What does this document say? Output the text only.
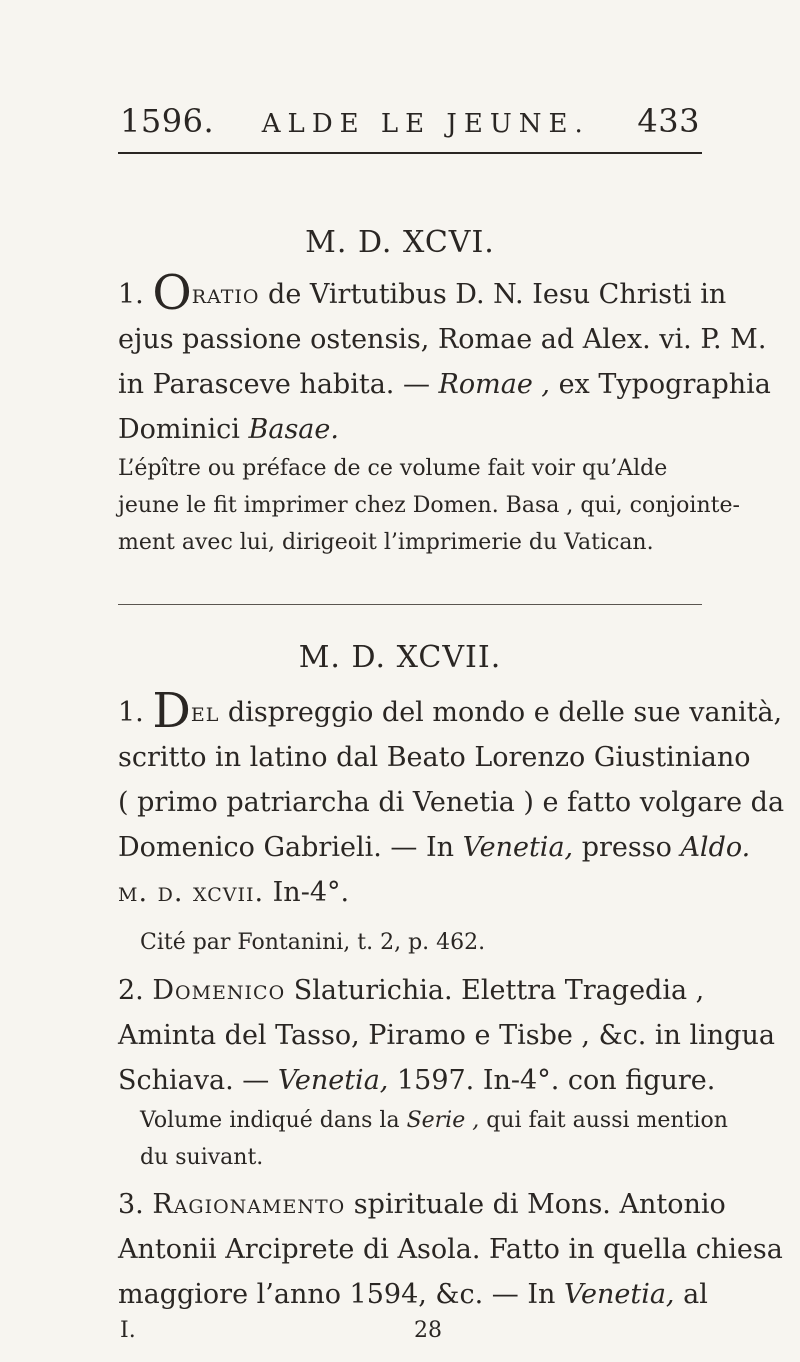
1596. ALDE LE JEUNE. 433
M. D. XCVI.
1. Oratio de Virtutibus D. N. Iesu Christi in
ejus passione ostensis, Romae ad Alex. vi. P. M.
in Parasceve habita. — Romae , ex Typographia
Dominici Basae.
L’épître ou préface de ce volume fait voir qu’Alde
jeune le fit imprimer chez Domen. Basa , qui, conjointe-
ment avec lui, dirigeoit l’imprimerie du Vatican.
M. D. XCVII.
1. Del dispreggio del mondo e delle sue vanità,
scritto in latino dal Beato Lorenzo Giustiniano
( primo patriarcha di Venetia ) e fatto volgare da
Domenico Gabrieli. — In Venetia, presso Aldo.
m. d. xcvii. In-4°.
Cité par Fontanini, t. 2, p. 462.
2. Domenico Slaturichia. Elettra Tragedia ,
Aminta del Tasso, Piramo e Tisbe , &c. in lingua
Schiava. — Venetia, 1597. In-4°. con figure.
Volume indiqué dans la Serie , qui fait aussi mention
du suivant.
3. Ragionamento spirituale di Mons. Antonio
Antonii Arciprete di Asola. Fatto in quella chiesa
maggiore l’anno 1594, &c. — In Venetia, al
I.	28
